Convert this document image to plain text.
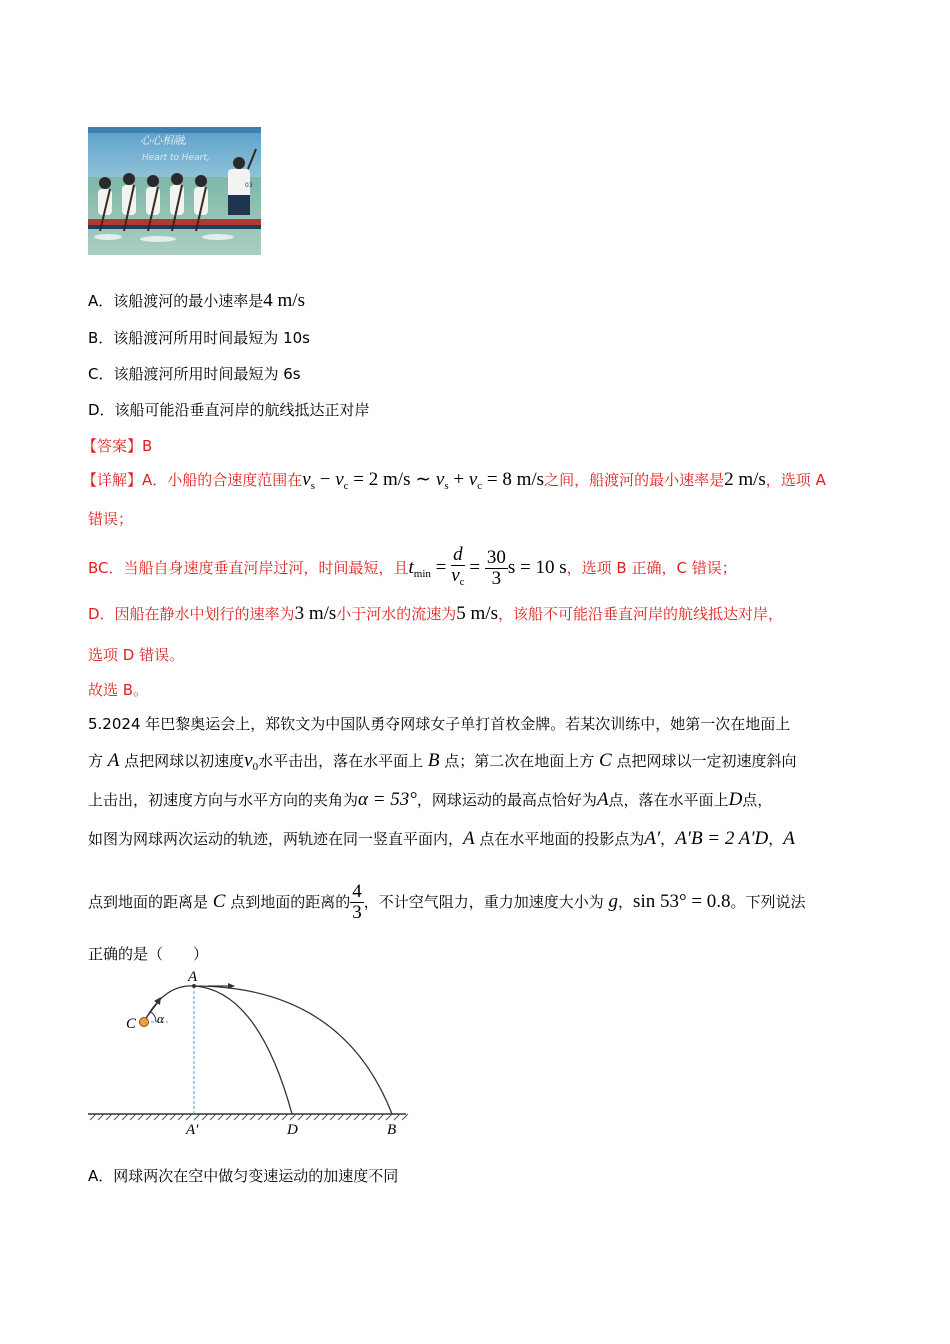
心心相融,
Heart to Heart,
03
A．该船渡河的最小速率是4 m/s
B．该船渡河所用时间最短为 10s
C．该船渡河所用时间最短为 6s
D．该船可能沿垂直河岸的航线抵达正对岸
【答案】B
【详解】A．小船的合速度范围在$v_s - v_c = 2$ m/s ∼ $v_s + v_c = 8$ m/s之间，船渡河的最小速率是2 m/s，选项 A
错误；
BC．当船自身速度垂直河岸过河，时间最短，且$t_{min} = \frac{d}{v_c} = \frac{30}{3}$ s = 10 s，选项 B 正确，C 错误；
D．因船在静水中划行的速率为3 m/s小于河水的流速为5 m/s，该船不可能沿垂直河岸的航线抵达对岸，
选项 D 错误。
故选 B。
5.2024 年巴黎奥运会上，郑钦文为中国队勇夺网球女子单打首枚金牌。若某次训练中，她第一次在地面上
方 A 点把网球以初速度$v_0$水平击出，落在水平面上 B 点；第二次在地面上方 C 点把网球以一定初速度斜向
上击出，初速度方向与水平方向的夹角为α = 53°，网球运动的最高点恰好为A点，落在水平面上D点，
如图为网球两次运动的轨迹，两轨迹在同一竖直平面内，A 点在水平地面的投影点为A′，A′B = 2 A′D，A
点到地面的距离是 C 点到地面的距离的 $\frac{4}{3}$ ，不计空气阻力，重力加速度大小为 g，sin 53° = 0.8。下列说法
正确的是（　　）
A
C α
A′	D	B
A．网球两次在空中做匀变速运动的加速度不同
